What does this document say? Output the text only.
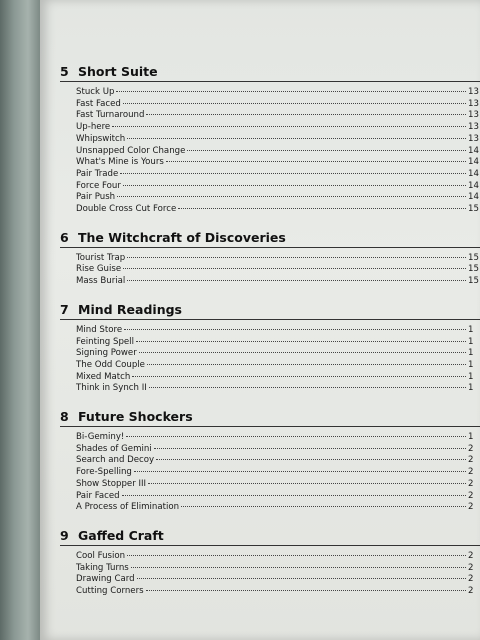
5 Short Suite
Stuck Up	13
Fast Faced	13
Fast Turnaround	13
Up-here	13
Whipswitch	13
Unsnapped Color Change	14
What's Mine is Yours	14
Pair Trade	14
Force Four	14
Pair Push	14
Double Cross Cut Force	15
6 The Witchcraft of Discoveries
Tourist Trap	15
Rise Guise	15
Mass Burial	15
7 Mind Readings
Mind Store	1
Feinting Spell	1
Signing Power	1
The Odd Couple	1
Mixed Match	1
Think in Synch II	1
8 Future Shockers
Bi-Geminy!	1
Shades of Gemini	2
Search and Decoy	2
Fore-Spelling	2
Show Stopper III	2
Pair Faced	2
A Process of Elimination	2
9 Gaffed Craft
Cool Fusion	2
Taking Turns	2
Drawing Card	2
Cutting Corners	2
